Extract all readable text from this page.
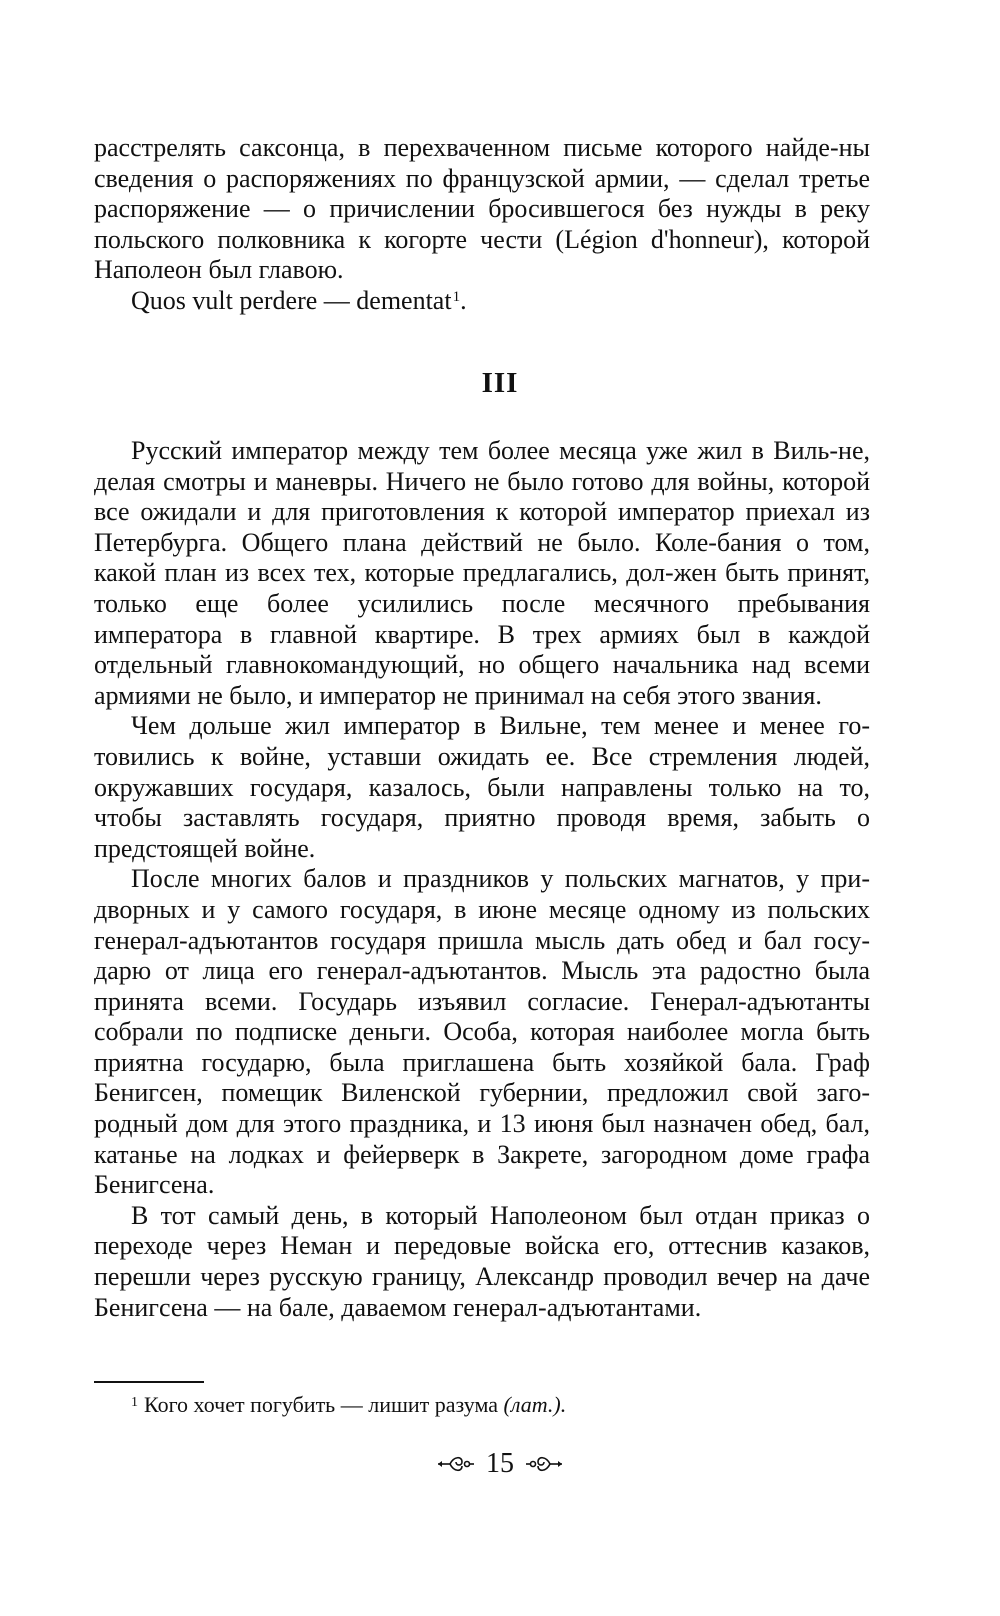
расстрелять саксонца, в перехваченном письме которого найде-ны сведения о распоряжениях по французской армии, — сделал третье распоряжение — о причислении бросившегося без нужды в реку польского полковника к когорте чести (Légion d'honneur), которой Наполеон был главою.

Quos vult perdere — dementat$^1$.

III

Русский император между тем более месяца уже жил в Виль-не, делая смотры и маневры. Ничего не было готово для войны, которой все ожидали и для приготовления к которой император приехал из Петербурга. Общего плана действий не было. Коле-бания о том, какой план из всех тех, которые предлагались, дол-жен быть принят, только еще более усилились после месячного пребывания императора в главной квартире. В трех армиях был в каждой отдельный главнокомандующий, но общего начальника над всеми армиями не было, и император не принимал на себя этого звания.

Чем дольше жил император в Вильне, тем менее и менее го-товились к войне, уставши ожидать ее. Все стремления людей, окружавших государя, казалось, были направлены только на то, чтобы заставлять государя, приятно проводя время, забыть о предстоящей войне.

После многих балов и праздников у польских магнатов, у при-дворных и у самого государя, в июне месяце одному из польских генерал-адъютантов государя пришла мысль дать обед и бал госу-дарю от лица его генерал-адъютантов. Мысль эта радостно была принята всеми. Государь изъявил согласие. Генерал-адъютанты собрали по подписке деньги. Особа, которая наиболее могла быть приятна государю, была приглашена быть хозяйкой бала. Граф Бенигсен, помещик Виленской губернии, предложил свой заго-родный дом для этого праздника, и 13 июня был назначен обед, бал, катанье на лодках и фейерверк в Закрете, загородном доме графа Бенигсена.

В тот самый день, в который Наполеоном был отдан приказ о переходе через Неман и передовые войска его, оттеснив казаков, перешли через русскую границу, Александр проводил вечер на даче Бенигсена — на бале, даваемом генерал-адъютантами.

$^1$ Кого хочет погубить — лишит разума (лат.).
15
